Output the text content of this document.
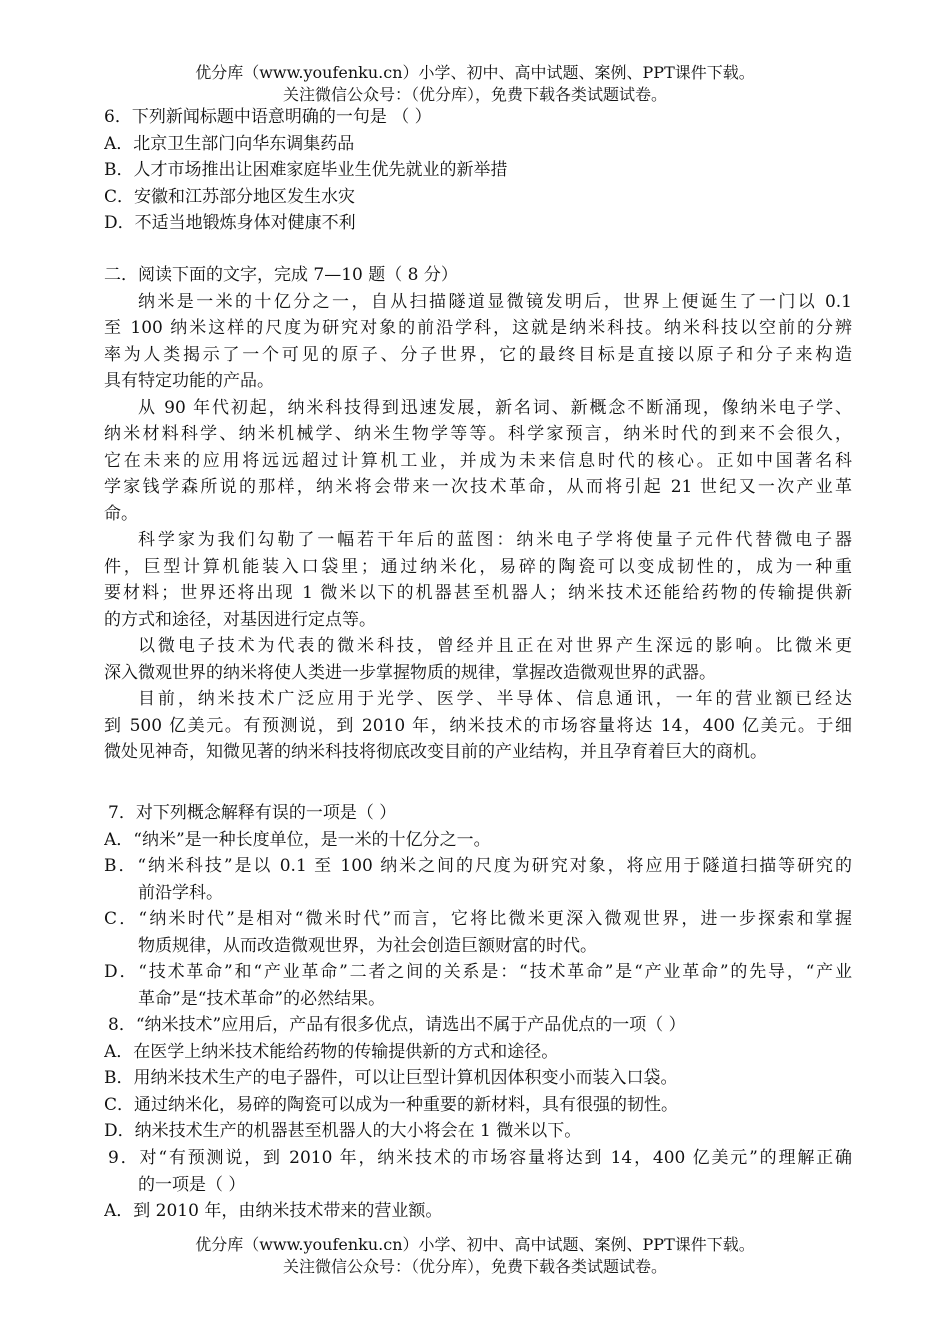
优分库（www.youfenku.cn）小学、初中、高中试题、案例、PPT课件下载。
关注微信公众号：（优分库），免费下载各类试题试卷。
6．下列新闻标题中语意明确的一句是 （ ）
A．北京卫生部门向华东调集药品
B．人才市场推出让困难家庭毕业生优先就业的新举措
C．安徽和江苏部分地区发生水灾
D．不适当地锻炼身体对健康不利
二．阅读下面的文字，完成 7—10 题（ 8 分）
纳米是一米的十亿分之一，自从扫描隧道显微镜发明后，世界上便诞生了一门以 0.1
至 100 纳米这样的尺度为研究对象的前沿学科，这就是纳米科技。纳米科技以空前的分辨
率为人类揭示了一个可见的原子、分子世界，它的最终目标是直接以原子和分子来构造
具有特定功能的产品。
从 90 年代初起，纳米科技得到迅速发展，新名词、新概念不断涌现，像纳米电子学、
纳米材料科学、纳米机械学、纳米生物学等等。科学家预言，纳米时代的到来不会很久，
它在未来的应用将远远超过计算机工业，并成为未来信息时代的核心。正如中国著名科
学家钱学森所说的那样，纳米将会带来一次技术革命，从而将引起 21 世纪又一次产业革
命。
科学家为我们勾勒了一幅若干年后的蓝图：纳米电子学将使量子元件代替微电子器
件，巨型计算机能装入口袋里；通过纳米化，易碎的陶瓷可以变成韧性的，成为一种重
要材料；世界还将出现 1 微米以下的机器甚至机器人；纳米技术还能给药物的传输提供新
的方式和途径，对基因进行定点等。
以微电子技术为代表的微米科技，曾经并且正在对世界产生深远的影响。比微米更
深入微观世界的纳米将使人类进一步掌握物质的规律，掌握改造微观世界的武器。
目前，纳米技术广泛应用于光学、医学、半导体、信息通讯，一年的营业额已经达
到 500 亿美元。有预测说，到 2010 年，纳米技术的市场容量将达 14，400 亿美元。于细
微处见神奇，知微见著的纳米科技将彻底改变目前的产业结构，并且孕育着巨大的商机。
7．对下列概念解释有误的一项是（ ）
A．“纳米”是一种长度单位，是一米的十亿分之一。
B．“纳米科技”是以 0.1 至 100 纳米之间的尺度为研究对象，将应用于隧道扫描等研究的
前沿学科。
C．“纳米时代”是相对“微米时代”而言，它将比微米更深入微观世界，进一步探索和掌握
物质规律，从而改造微观世界，为社会创造巨额财富的时代。
D．“技术革命”和“产业革命”二者之间的关系是：“技术革命”是“产业革命”的先导，“产业
革命”是“技术革命”的必然结果。
8．“纳米技术”应用后，产品有很多优点，请选出不属于产品优点的一项（ ）
A．在医学上纳米技术能给药物的传输提供新的方式和途径。
B．用纳米技术生产的电子器件，可以让巨型计算机因体积变小而装入口袋。
C．通过纳米化，易碎的陶瓷可以成为一种重要的新材料，具有很强的韧性。
D．纳米技术生产的机器甚至机器人的大小将会在 1 微米以下。
9．对“有预测说，到 2010 年，纳米技术的市场容量将达到 14，400 亿美元”的理解正确
的一项是（ ）
A．到 2010 年，由纳米技术带来的营业额。
优分库（www.youfenku.cn）小学、初中、高中试题、案例、PPT课件下载。
关注微信公众号：（优分库），免费下载各类试题试卷。
